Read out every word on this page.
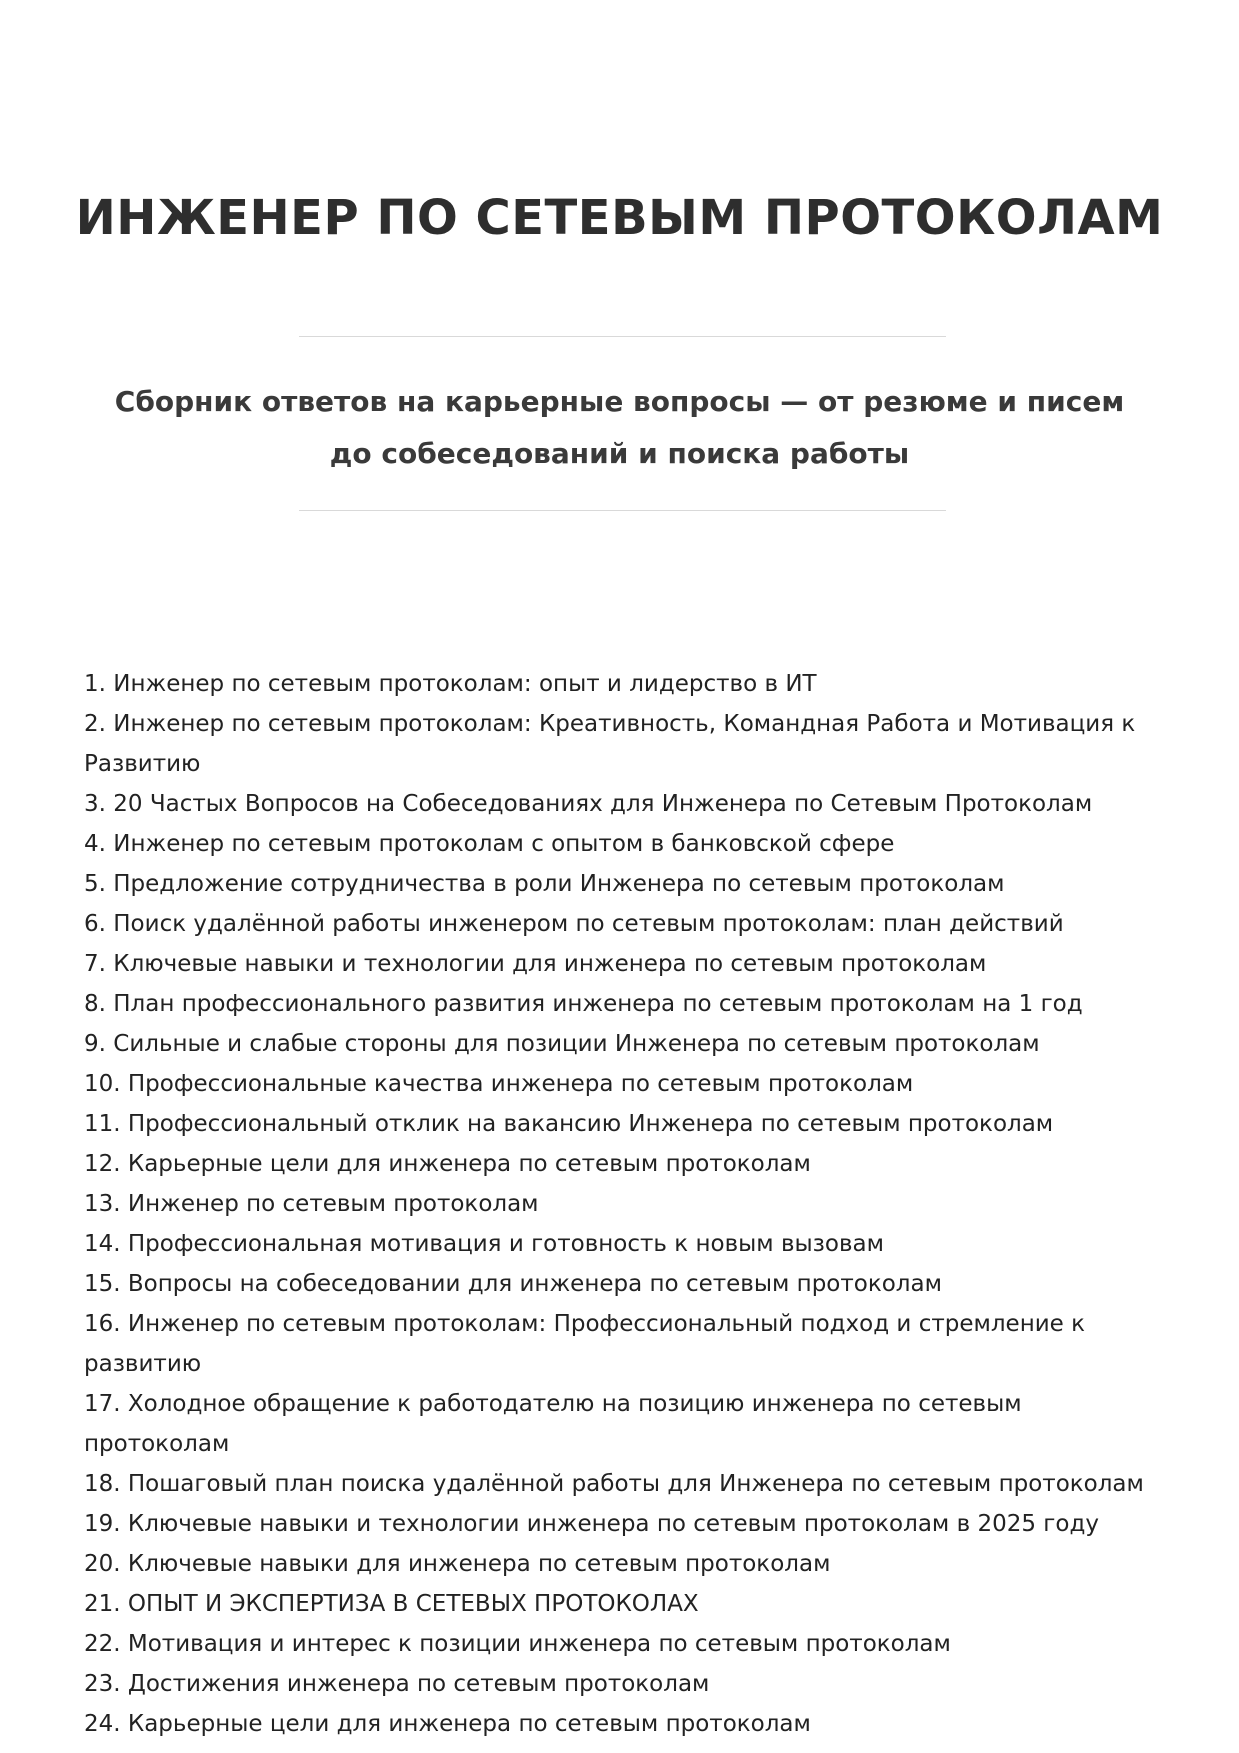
ИНЖЕНЕР ПО СЕТЕВЫМ ПРОТОКОЛАМ

Сборник ответов на карьерные вопросы — от резюме и писем до собеседований и поиска работы

1. Инженер по сетевым протоколам: опыт и лидерство в ИТ
2. Инженер по сетевым протоколам: Креативность, Командная Работа и Мотивация к Развитию
3. 20 Частых Вопросов на Собеседованиях для Инженера по Сетевым Протоколам
4. Инженер по сетевым протоколам с опытом в банковской сфере
5. Предложение сотрудничества в роли Инженера по сетевым протоколам
6. Поиск удалённой работы инженером по сетевым протоколам: план действий
7. Ключевые навыки и технологии для инженера по сетевым протоколам
8. План профессионального развития инженера по сетевым протоколам на 1 год
9. Сильные и слабые стороны для позиции Инженера по сетевым протоколам
10. Профессиональные качества инженера по сетевым протоколам
11. Профессиональный отклик на вакансию Инженера по сетевым протоколам
12. Карьерные цели для инженера по сетевым протоколам
13. Инженер по сетевым протоколам
14. Профессиональная мотивация и готовность к новым вызовам
15. Вопросы на собеседовании для инженера по сетевым протоколам
16. Инженер по сетевым протоколам: Профессиональный подход и стремление к развитию
17. Холодное обращение к работодателю на позицию инженера по сетевым протоколам
18. Пошаговый план поиска удалённой работы для Инженера по сетевым протоколам
19. Ключевые навыки и технологии инженера по сетевым протоколам в 2025 году
20. Ключевые навыки для инженера по сетевым протоколам
21. ОПЫТ И ЭКСПЕРТИЗА В СЕТЕВЫХ ПРОТОКОЛАХ
22. Мотивация и интерес к позиции инженера по сетевым протоколам
23. Достижения инженера по сетевым протоколам
24. Карьерные цели для инженера по сетевым протоколам
